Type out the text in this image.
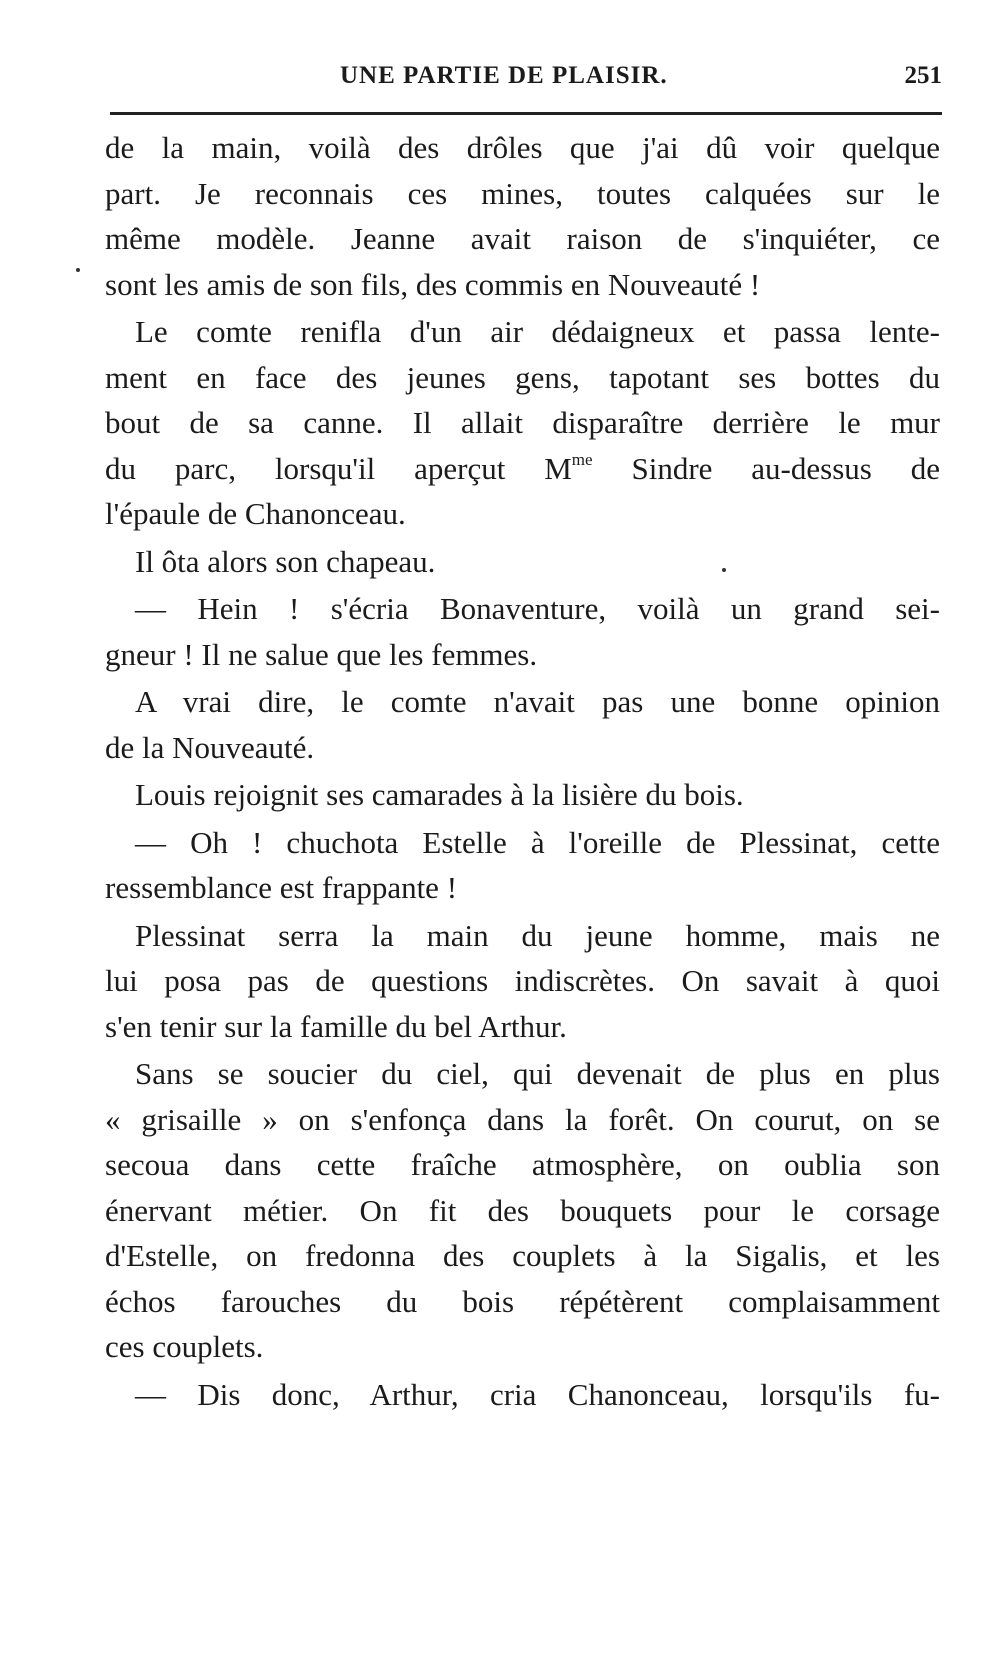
UNE PARTIE DE PLAISIR.	251
de la main, voilà des drôles que j'ai dû voir quelque
part. Je reconnais ces mines, toutes calquées sur le
même modèle. Jeanne avait raison de s'inquiéter, ce
sont les amis de son fils, des commis en Nouveauté !
Le comte renifla d'un air dédaigneux et passa lente-
ment en face des jeunes gens, tapotant ses bottes du
bout de sa canne. Il allait disparaître derrière le mur
du parc, lorsqu'il aperçut $M^{me}$ Sindre au-dessus de
l'épaule de Chanonceau.
Il ôta alors son chapeau.
— Hein ! s'écria Bonaventure, voilà un grand sei-
gneur ! Il ne salue que les femmes.
A vrai dire, le comte n'avait pas une bonne opinion
de la Nouveauté.
Louis rejoignit ses camarades à la lisière du bois.
— Oh ! chuchota Estelle à l'oreille de Plessinat, cette
ressemblance est frappante !
Plessinat serra la main du jeune homme, mais ne
lui posa pas de questions indiscrètes. On savait à quoi
s'en tenir sur la famille du bel Arthur.
Sans se soucier du ciel, qui devenait de plus en plus
« grisaille » on s'enfonça dans la forêt. On courut, on se
secoua dans cette fraîche atmosphère, on oublia son
énervant métier. On fit des bouquets pour le corsage
d'Estelle, on fredonna des couplets à la Sigalis, et les
échos farouches du bois répétèrent complaisamment
ces couplets.
— Dis donc, Arthur, cria Chanonceau, lorsqu'ils fu-
